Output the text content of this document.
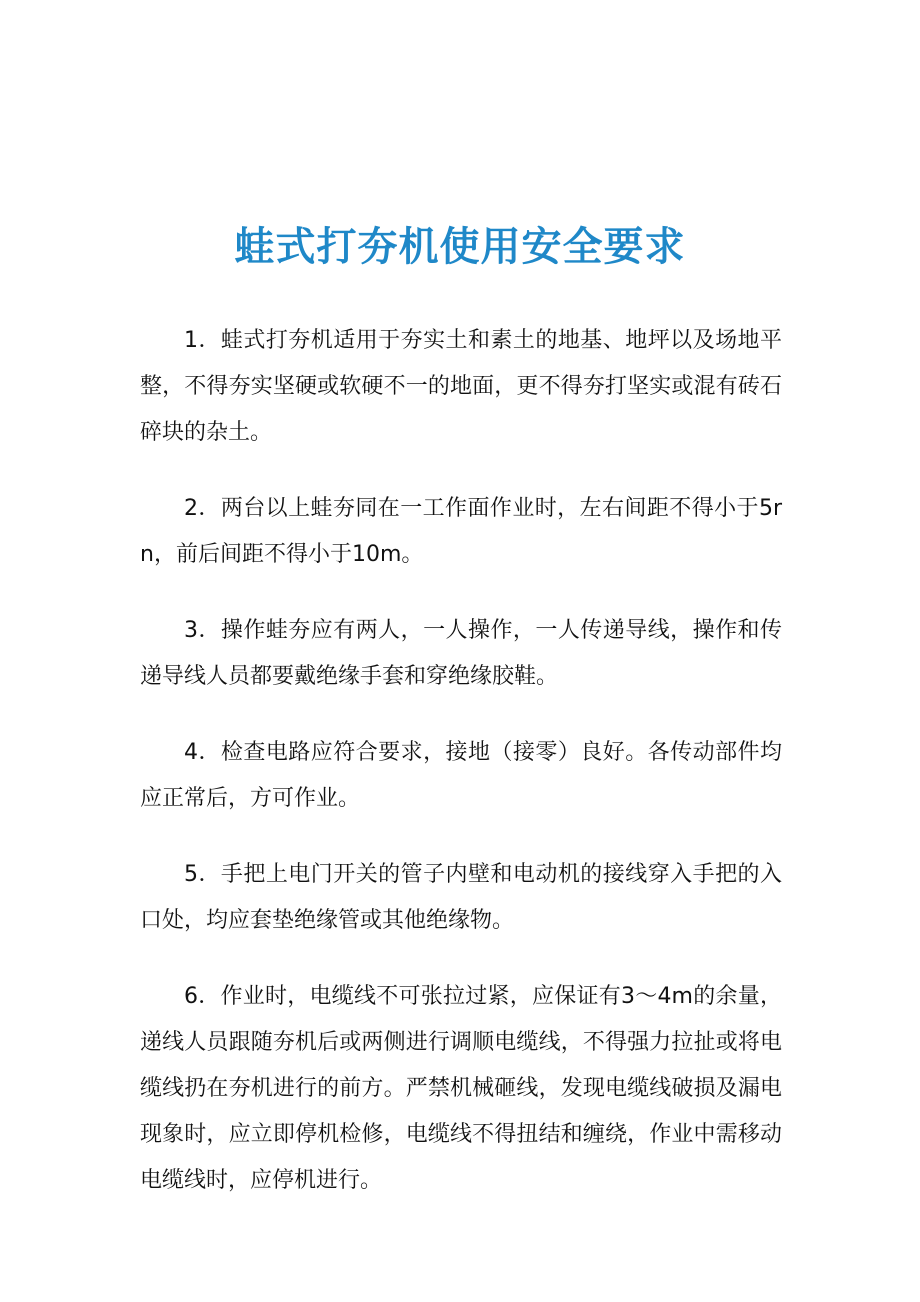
蛙式打夯机使用安全要求

1．蛙式打夯机适用于夯实土和素土的地基、地坪以及场地平整，不得夯实坚硬或软硬不一的地面，更不得夯打坚实或混有砖石碎块的杂土。

2．两台以上蛙夯同在一工作面作业时，左右间距不得小于5rn，前后间距不得小于10m。

3．操作蛙夯应有两人，一人操作，一人传递导线，操作和传递导线人员都要戴绝缘手套和穿绝缘胶鞋。

4．检查电路应符合要求，接地（接零）良好。各传动部件均应正常后，方可作业。

5．手把上电门开关的管子内壁和电动机的接线穿入手把的入口处，均应套垫绝缘管或其他绝缘物。

6．作业时，电缆线不可张拉过紧，应保证有3～4m的余量，递线人员跟随夯机后或两侧进行调顺电缆线，不得强力拉扯或将电缆线扔在夯机进行的前方。严禁机械砸线，发现电缆线破损及漏电现象时，应立即停机检修，电缆线不得扭结和缠绕，作业中需移动电缆线时，应停机进行。
